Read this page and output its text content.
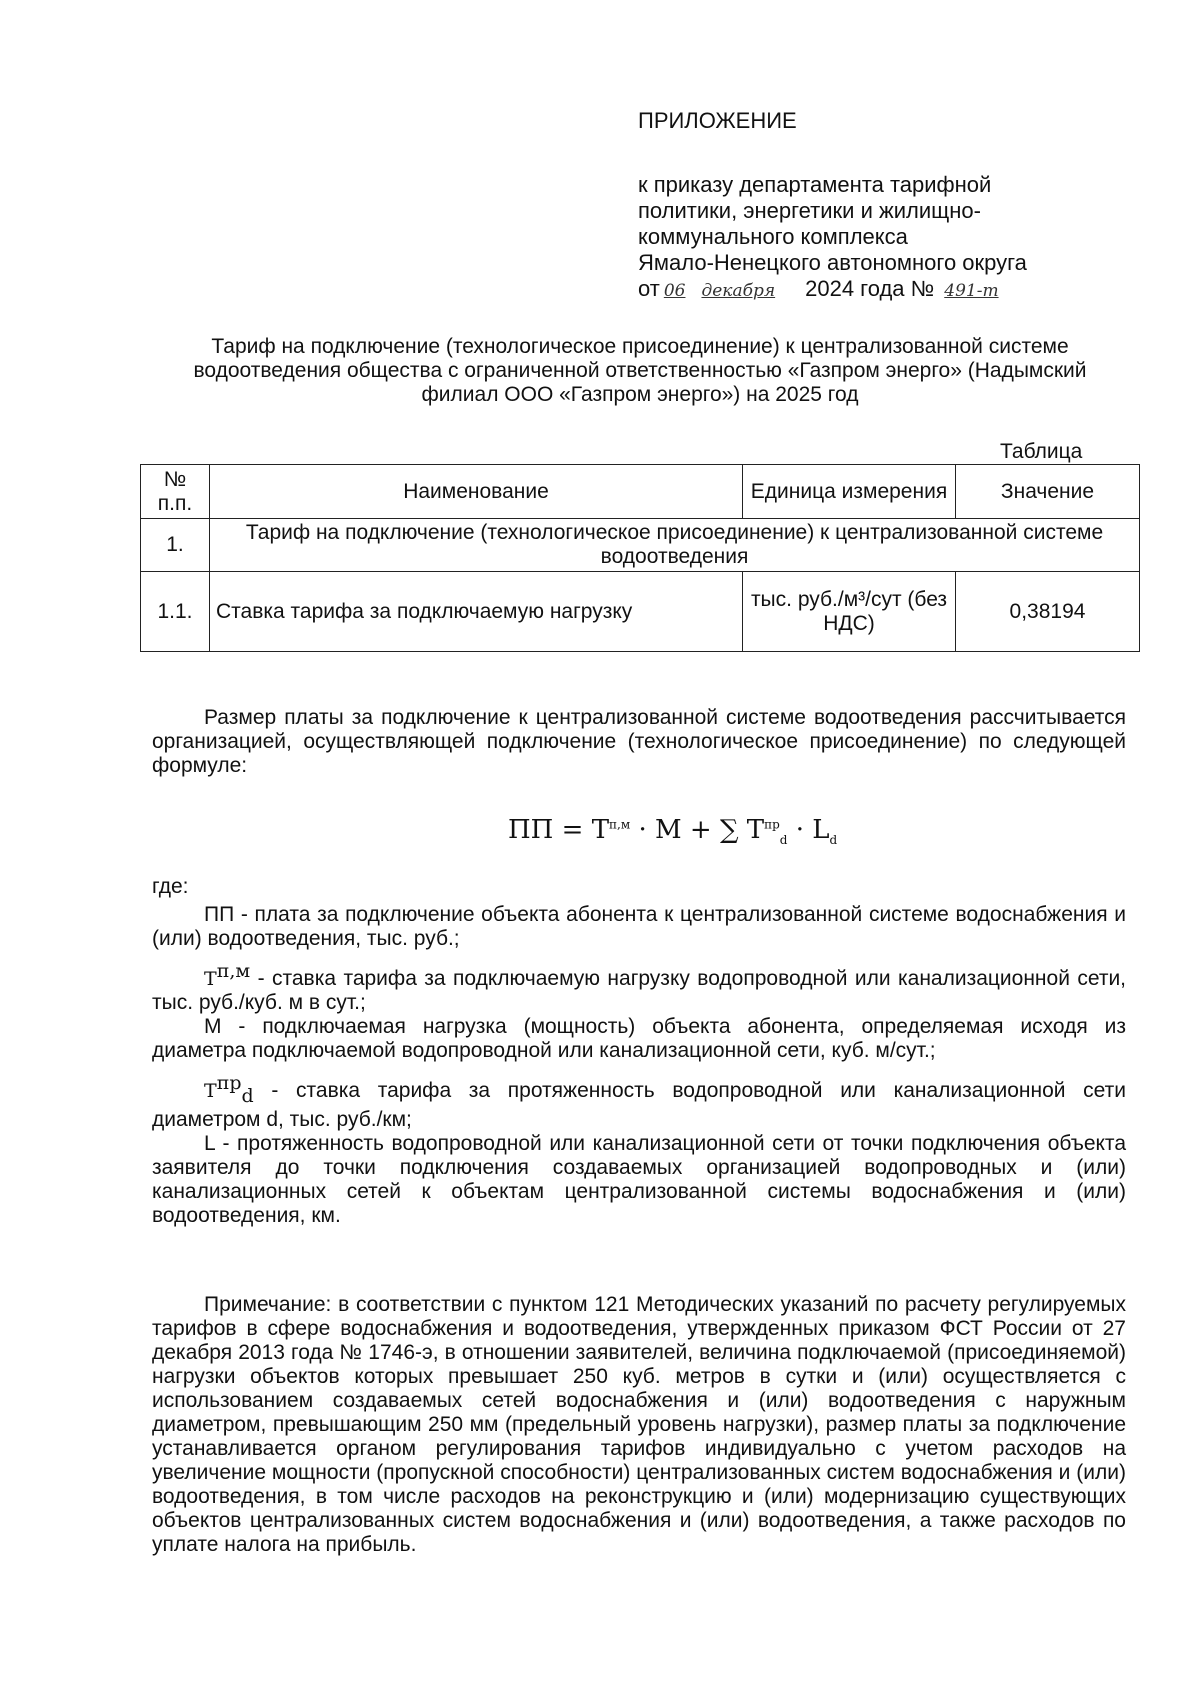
ПРИЛОЖЕНИЕ
к приказу департамента тарифной
политики, энергетики и жилищно-
коммунального комплекса
Ямало-Ненецкого автономного округа
от 06 декабря	2024 года № 491-т
Тариф на подключение (технологическое присоединение) к централизованной системе водоотведения общества с ограниченной ответственностью «Газпром энерго» (Надымский филиал ООО «Газпром энерго») на 2025 год
Таблица
№ п.п.	Наименование	Единица измерения	Значение
1.	Тариф на подключение (технологическое присоединение) к централизованной системе водоотведения		
1.1.	Ставка тарифа за подключаемую нагрузку	тыс. руб./м³/сут (без НДС)	0,38194
Размер платы за подключение к централизованной системе водоотведения рассчитывается организацией, осуществляющей подключение (технологическое присоединение) по следующей формуле:
ПП = $Т^{п,м} \cdot М$ + ∑ $Т^{пр}_d \cdot L_d$
где:
ПП - плата за подключение объекта абонента к централизованной системе водоснабжения и (или) водоотведения, тыс. руб.;
$Т^{п,м}$ - ставка тарифа за подключаемую нагрузку водопроводной или канализационной сети, тыс. руб./куб. м в сут.;
М - подключаемая нагрузка (мощность) объекта абонента, определяемая исходя из диаметра подключаемой водопроводной или канализационной сети, куб. м/сут.;
$Т^{пр}_d$ - ставка тарифа за протяженность водопроводной или канализационной сети диаметром d, тыс. руб./км;
L - протяженность водопроводной или канализационной сети от точки подключения объекта заявителя до точки подключения создаваемых организацией водопроводных и (или) канализационных сетей к объектам централизованной системы водоснабжения и (или) водоотведения, км.
Примечание: в соответствии с пунктом 121 Методических указаний по расчету регулируемых тарифов в сфере водоснабжения и водоотведения, утвержденных приказом ФСТ России от 27 декабря 2013 года № 1746-э, в отношении заявителей, величина подключаемой (присоединяемой) нагрузки объектов которых превышает 250 куб. метров в сутки и (или) осуществляется с использованием создаваемых сетей водоснабжения и (или) водоотведения с наружным диаметром, превышающим 250 мм (предельный уровень нагрузки), размер платы за подключение устанавливается органом регулирования тарифов индивидуально с учетом расходов на увеличение мощности (пропускной способности) централизованных систем водоснабжения и (или) водоотведения, в том числе расходов на реконструкцию и (или) модернизацию существующих объектов централизованных систем водоснабжения и (или) водоотведения, а также расходов по уплате налога на прибыль.
